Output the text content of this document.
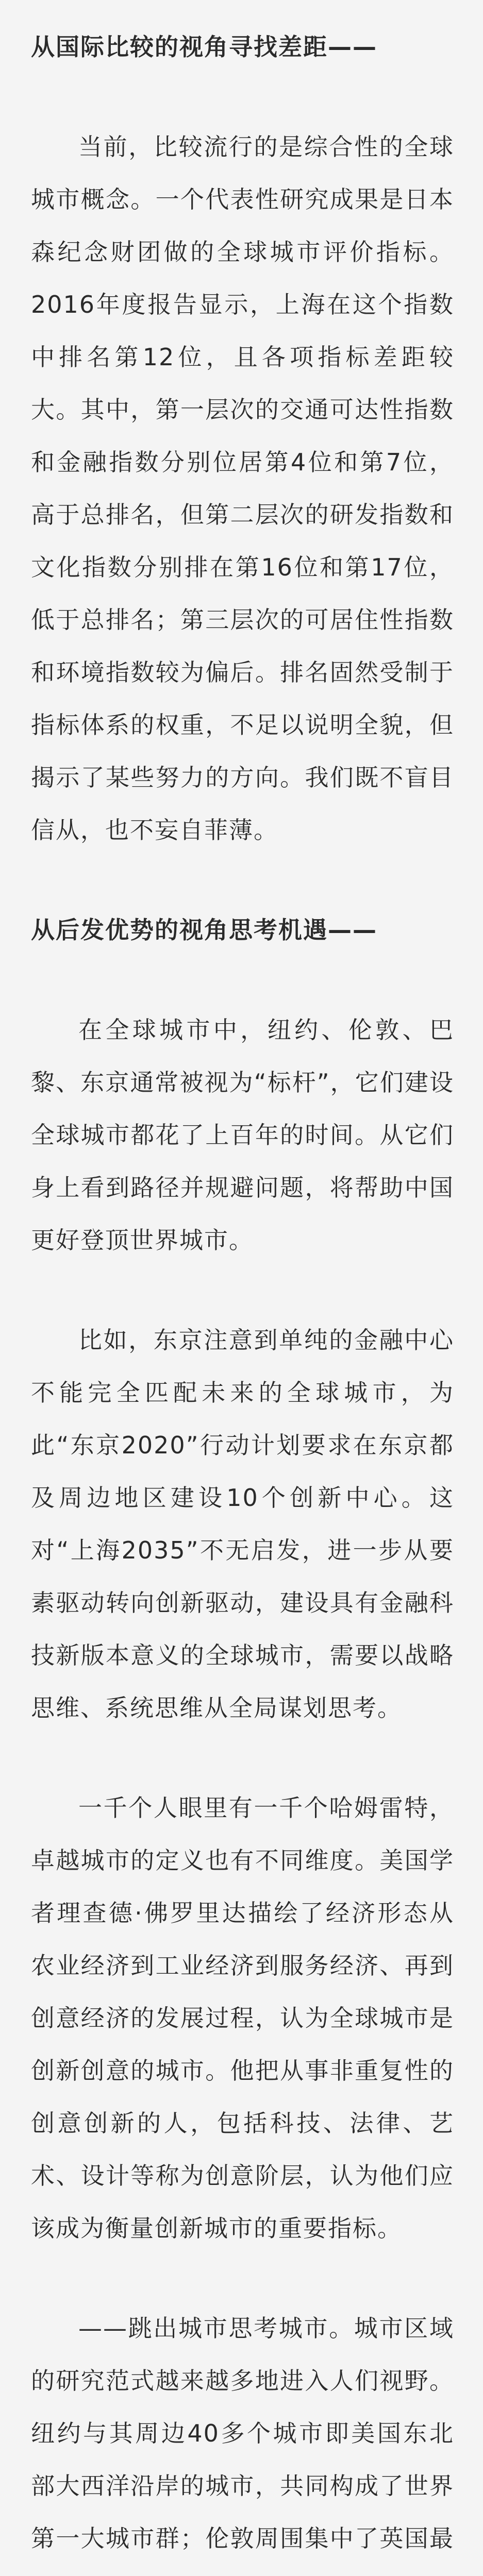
从国际比较的视角寻找差距——

当前，比较流行的是综合性的全球城市概念。一个代表性研究成果是日本森纪念财团做的全球城市评价指标。2016年度报告显示，上海在这个指数中排名第12位，且各项指标差距较大。其中，第一层次的交通可达性指数和金融指数分别位居第4位和第7位，高于总排名，但第二层次的研发指数和文化指数分别排在第16位和第17位，低于总排名；第三层次的可居住性指数和环境指数较为偏后。排名固然受制于指标体系的权重，不足以说明全貌，但揭示了某些努力的方向。我们既不盲目信从，也不妄自菲薄。

从后发优势的视角思考机遇——

在全球城市中，纽约、伦敦、巴黎、东京通常被视为“标杆”，它们建设全球城市都花了上百年的时间。从它们身上看到路径并规避问题，将帮助中国更好登顶世界城市。

比如，东京注意到单纯的金融中心不能完全匹配未来的全球城市，为此“东京2020”行动计划要求在东京都及周边地区建设10个创新中心。这对“上海2035”不无启发，进一步从要素驱动转向创新驱动，建设具有金融科技新版本意义的全球城市，需要以战略思维、系统思维从全局谋划思考。

一千个人眼里有一千个哈姆雷特，卓越城市的定义也有不同维度。美国学者理查德·佛罗里达描绘了经济形态从农业经济到工业经济到服务经济、再到创意经济的发展过程，认为全球城市是创新创意的城市。他把从事非重复性的创意创新的人，包括科技、法律、艺术、设计等称为创意阶层，认为他们应该成为衡量创新城市的重要指标。

——跳出城市思考城市。城市区域的研究范式越来越多地进入人们视野。纽约与其周边40多个城市即美国东北部大西洋沿岸的城市，共同构成了世界第一大城市群；伦敦周围集中了英国最
